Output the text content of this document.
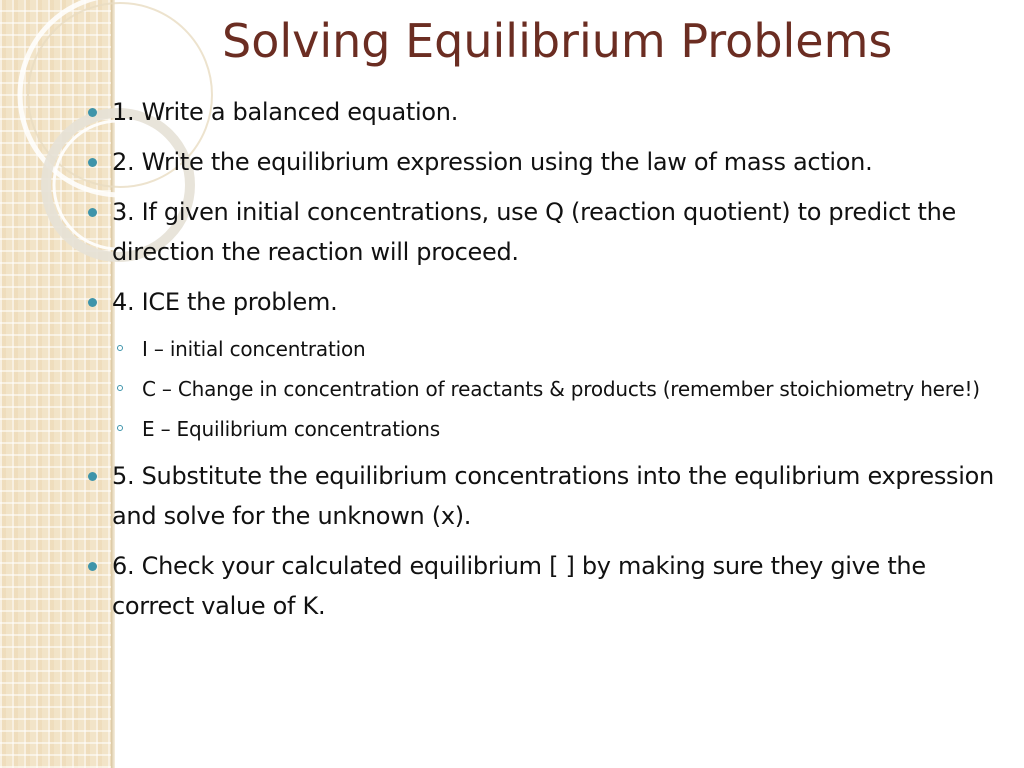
Solving Equilibrium Problems
1. Write a balanced equation.
2. Write the equilibrium expression using the law of mass action.
3. If given initial concentrations, use Q (reaction quotient) to predict the direction the reaction will proceed.
4. ICE the problem.
I – initial concentration
C – Change in concentration of reactants & products (remember stoichiometry here!)
E – Equilibrium concentrations
5. Substitute the equilibrium concentrations into the equlibrium expression and solve for the unknown (x).
6. Check your calculated equilibrium [ ] by making sure they give the correct value of K.
